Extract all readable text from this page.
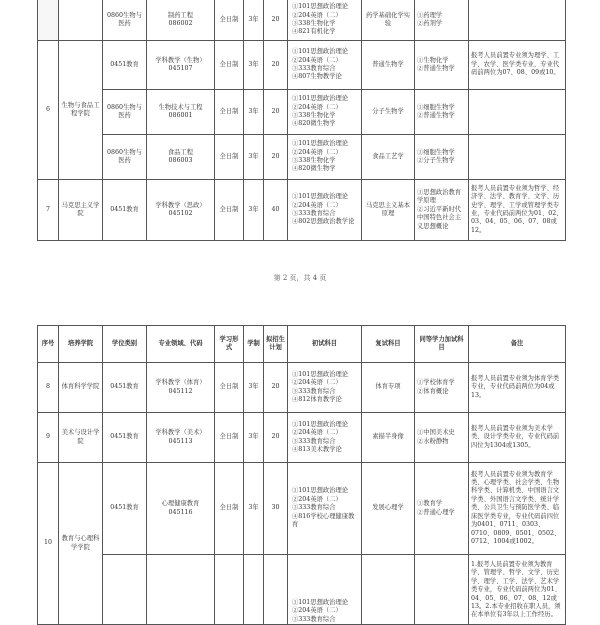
		0860生物与医药	制药工程
086002	全日制	3年	20	①101思想政治理论
②204英语（二）
③338生物化学
④821有机化学	药学基础化学实验	①药理学
②药剂学	

6	生物与食品工程学院	0451教育	学科教学（生物）
045107	全日制	3年	20	①101思想政治理论
②204英语（二）
③333教育综合
④807生物教学论	普通生物学	①生物化学
②普通生物学	报考人员前置专业须为理学、工学、农学、医学类专业，专业代码前两位为07、08、09或10。
		0860生物与医药	生物技术与工程
086001	全日制	3年	20	①101思想政治理论
②204英语（二）
③338生物化学
④820微生物学	分子生物学	①细胞生物学
②普通生物学	

		0860生物与医药	食品工程
086003	全日制	3年	20	①101思想政治理论
②204英语（二）
③338生物化学
④820微生物学	食品工艺学	①细胞生物学
②分子生物学	

7	马克思主义学院	0451教育	学科教学（思政）
045102	全日制	3年	40	①101思想政治理论
②204英语（二）
③333教育综合
④802思想政治教学论	马克思主义基本原理	①思想政治教育学原理
②习近平新时代中国特色社会主义思想概论	报考人员前置专业须为哲学、经济学、法学、教育学、文学、历史学、理学、工学或管理学类专业，专业代码前两位为01、02、03、04、05、06、07、08或12。
第 2 页，共 4 页
序号	培养学院	学位类别	专业领域、代码	学习形式	学制	拟招生计划	初试科目	复试科目	同等学力加试科目	备注
8	体育科学学院	0451教育	学科教学（体育）
045112	全日制	3年	20	①101思想政治理论
②204英语（二）
③333教育综合
④812体育教学论	体育专项	①学校体育学
②体育概论	报考人员前置专业须为体育学类专业，专业代码前两位为04或13。
9	美术与设计学院	0451教育	学科教学（美术）
045113	全日制	3年	20	①101思想政治理论
②204英语（二）
③333教育综合
④813美术教学论	素描半身像	①中国美术史
②水粉静物	报考人员前置专业须为美术学类、设计学类专业，专业代码前四位为1304或1305。
10	教育与心理科学学院	0451教育	心理健康教育
045116	全日制	3年	30	①101思想政治理论
②204英语（二）
③333教育综合
④816学校心理健康教育	发展心理学	①教育学
②普通心理学	报考人员前置专业须为教育学类、心理学类、社会学类、生物科学类、计算机类、中国语言文学类、外国语言文学类、统计学类、公共卫生与预防医学类、临床医学类专业，专业代码前四位为0401、0711、0303、0710、0809、0501、0502、0712、1004或1002。

							①101思想政治理论
②204英语（二）
③333教育综合			1.报考人员前置专业须为教育学、管理学、哲学、文学、历史学、理学、工学、法学、艺术学类专业，专业代码前两位为01、04、05、06、07、08、12或13。2.本专业招收在职人员，须在本单位有3年以上工作经历。
